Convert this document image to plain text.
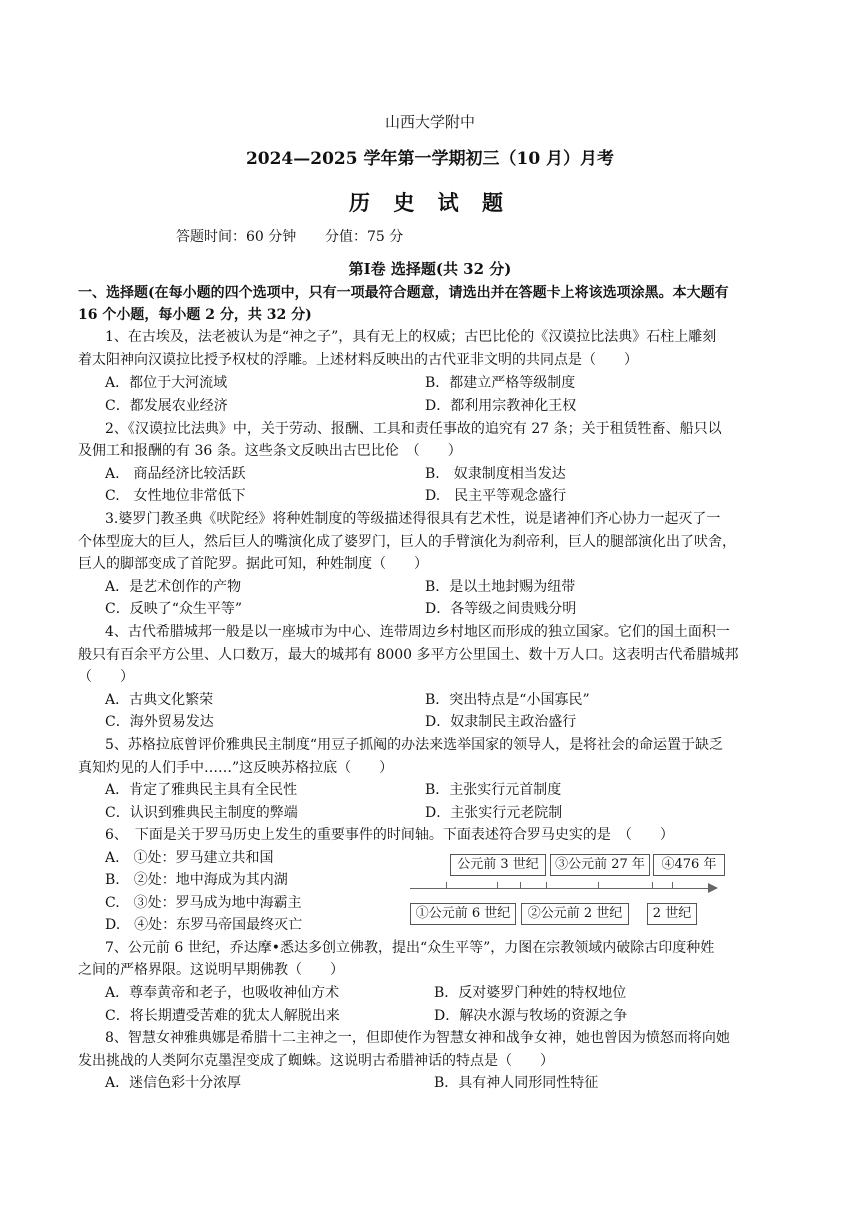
山西大学附中
2024—2025 学年第一学期初三（10 月）月考
历 史 试 题
答题时间：60 分钟 分值：75 分
第Ⅰ卷 选择题(共 32 分)
一、选择题(在每小题的四个选项中，只有一项最符合题意，请选出并在答题卡上将该选项涂黑。本大题有
16 个小题，每小题 2 分，共 32 分)
1、在古埃及，法老被认为是“神之子”，具有无上的权威；古巴比伦的《汉谟拉比法典》石柱上雕刻
着太阳神向汉谟拉比授予权杖的浮雕。上述材料反映出的古代亚非文明的共同点是（　　）
A．都位于大河流域	B．都建立严格等级制度
C．都发展农业经济	D．都利用宗教神化王权
2、《汉谟拉比法典》中，关于劳动、报酬、工具和责任事故的追究有 27 条；关于租赁牲畜、船只以
及佣工和报酬的有 36 条。这些条文反映出古巴比伦　（　　）
A.　商品经济比较活跃	B.　奴隶制度相当发达
C.　女性地位非常低下	D.　民主平等观念盛行
3.婆罗门教圣典《吠陀经》将种姓制度的等级描述得很具有艺术性，说是诸神们齐心协力一起灭了一
个体型庞大的巨人，然后巨人的嘴演化成了婆罗门，巨人的手臂演化为刹帝利，巨人的腿部演化出了吠舍，
巨人的脚部变成了首陀罗。据此可知，种姓制度（　　）
A．是艺术创作的产物	B．是以土地封赐为纽带
C．反映了“众生平等”	D．各等级之间贵贱分明
4、古代希腊城邦一般是以一座城市为中心、连带周边乡村地区而形成的独立国家。它们的国土面积一
般只有百余平方公里、人口数万，最大的城邦有 8000 多平方公里国土、数十万人口。这表明古代希腊城邦
（　　）
A．古典文化繁荣	B．突出特点是“小国寡民”
C．海外贸易发达	D．奴隶制民主政治盛行
5、苏格拉底曾评价雅典民主制度“用豆子抓阄的办法来选举国家的领导人，是将社会的命运置于缺乏
真知灼见的人们手中……”这反映苏格拉底（　　）
A．肯定了雅典民主具有全民性	B．主张实行元首制度
C．认识到雅典民主制度的弊端	D．主张实行元老院制
6、　下面是关于罗马历史上发生的重要事件的时间轴。下面表述符合罗马史实的是　（　　）
A.　①处：罗马建立共和国
B.　②处：地中海成为其内湖
C.　③处：罗马成为地中海霸主
D.　④处：东罗马帝国最终灭亡
公元前 3 世纪	③公元前 27 年	④476 年
①公元前 6 世纪	②公元前 2 世纪	2 世纪
7、公元前 6 世纪，乔达摩•悉达多创立佛教，提出“众生平等”，力图在宗教领域内破除古印度种姓
之间的严格界限。这说明早期佛教（　　）
A．尊奉黄帝和老子，也吸收神仙方术	B．反对婆罗门种姓的特权地位
C．将长期遭受苦难的犹太人解脱出来	D．解决水源与牧场的资源之争
8、智慧女神雅典娜是希腊十二主神之一，但即使作为智慧女神和战争女神，她也曾因为愤怒而将向她
发出挑战的人类阿尔克墨涅变成了蜘蛛。这说明古希腊神话的特点是（　　）
A．迷信色彩十分浓厚	B．具有神人同形同性特征
